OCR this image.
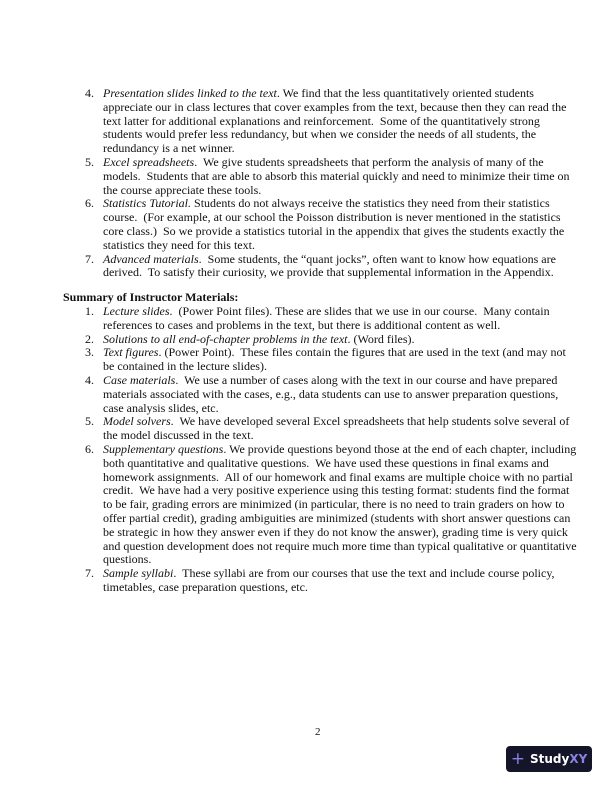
4. Presentation slides linked to the text. We find that the less quantitatively oriented students
appreciate our in class lectures that cover examples from the text, because then they can read the
text latter for additional explanations and reinforcement.  Some of the quantitatively strong
students would prefer less redundancy, but when we consider the needs of all students, the
redundancy is a net winner.
5. Excel spreadsheets.  We give students spreadsheets that perform the analysis of many of the
models.  Students that are able to absorb this material quickly and need to minimize their time on
the course appreciate these tools.
6. Statistics Tutorial. Students do not always receive the statistics they need from their statistics
course.  (For example, at our school the Poisson distribution is never mentioned in the statistics
core class.)  So we provide a statistics tutorial in the appendix that gives the students exactly the
statistics they need for this text.
7. Advanced materials.  Some students, the “quant jocks”, often want to know how equations are
derived.  To satisfy their curiosity, we provide that supplemental information in the Appendix.
Summary of Instructor Materials:
1. Lecture slides.  (Power Point files). These are slides that we use in our course.  Many contain
references to cases and problems in the text, but there is additional content as well.
2. Solutions to all end-of-chapter problems in the text. (Word files).
3. Text figures. (Power Point).  These files contain the figures that are used in the text (and may not
be contained in the lecture slides).
4. Case materials.  We use a number of cases along with the text in our course and have prepared
materials associated with the cases, e.g., data students can use to answer preparation questions,
case analysis slides, etc.
5. Model solvers.  We have developed several Excel spreadsheets that help students solve several of
the model discussed in the text.
6. Supplementary questions. We provide questions beyond those at the end of each chapter, including
both quantitative and qualitative questions.  We have used these questions in final exams and
homework assignments.  All of our homework and final exams are multiple choice with no partial
credit.  We have had a very positive experience using this testing format: students find the format
to be fair, grading errors are minimized (in particular, there is no need to train graders on how to
offer partial credit), grading ambiguities are minimized (students with short answer questions can
be strategic in how they answer even if they do not know the answer), grading time is very quick
and question development does not require much more time than typical qualitative or quantitative
questions.
7. Sample syllabi.  These syllabi are from our courses that use the text and include course policy,
timetables, case preparation questions, etc.
2
+ StudyXY
